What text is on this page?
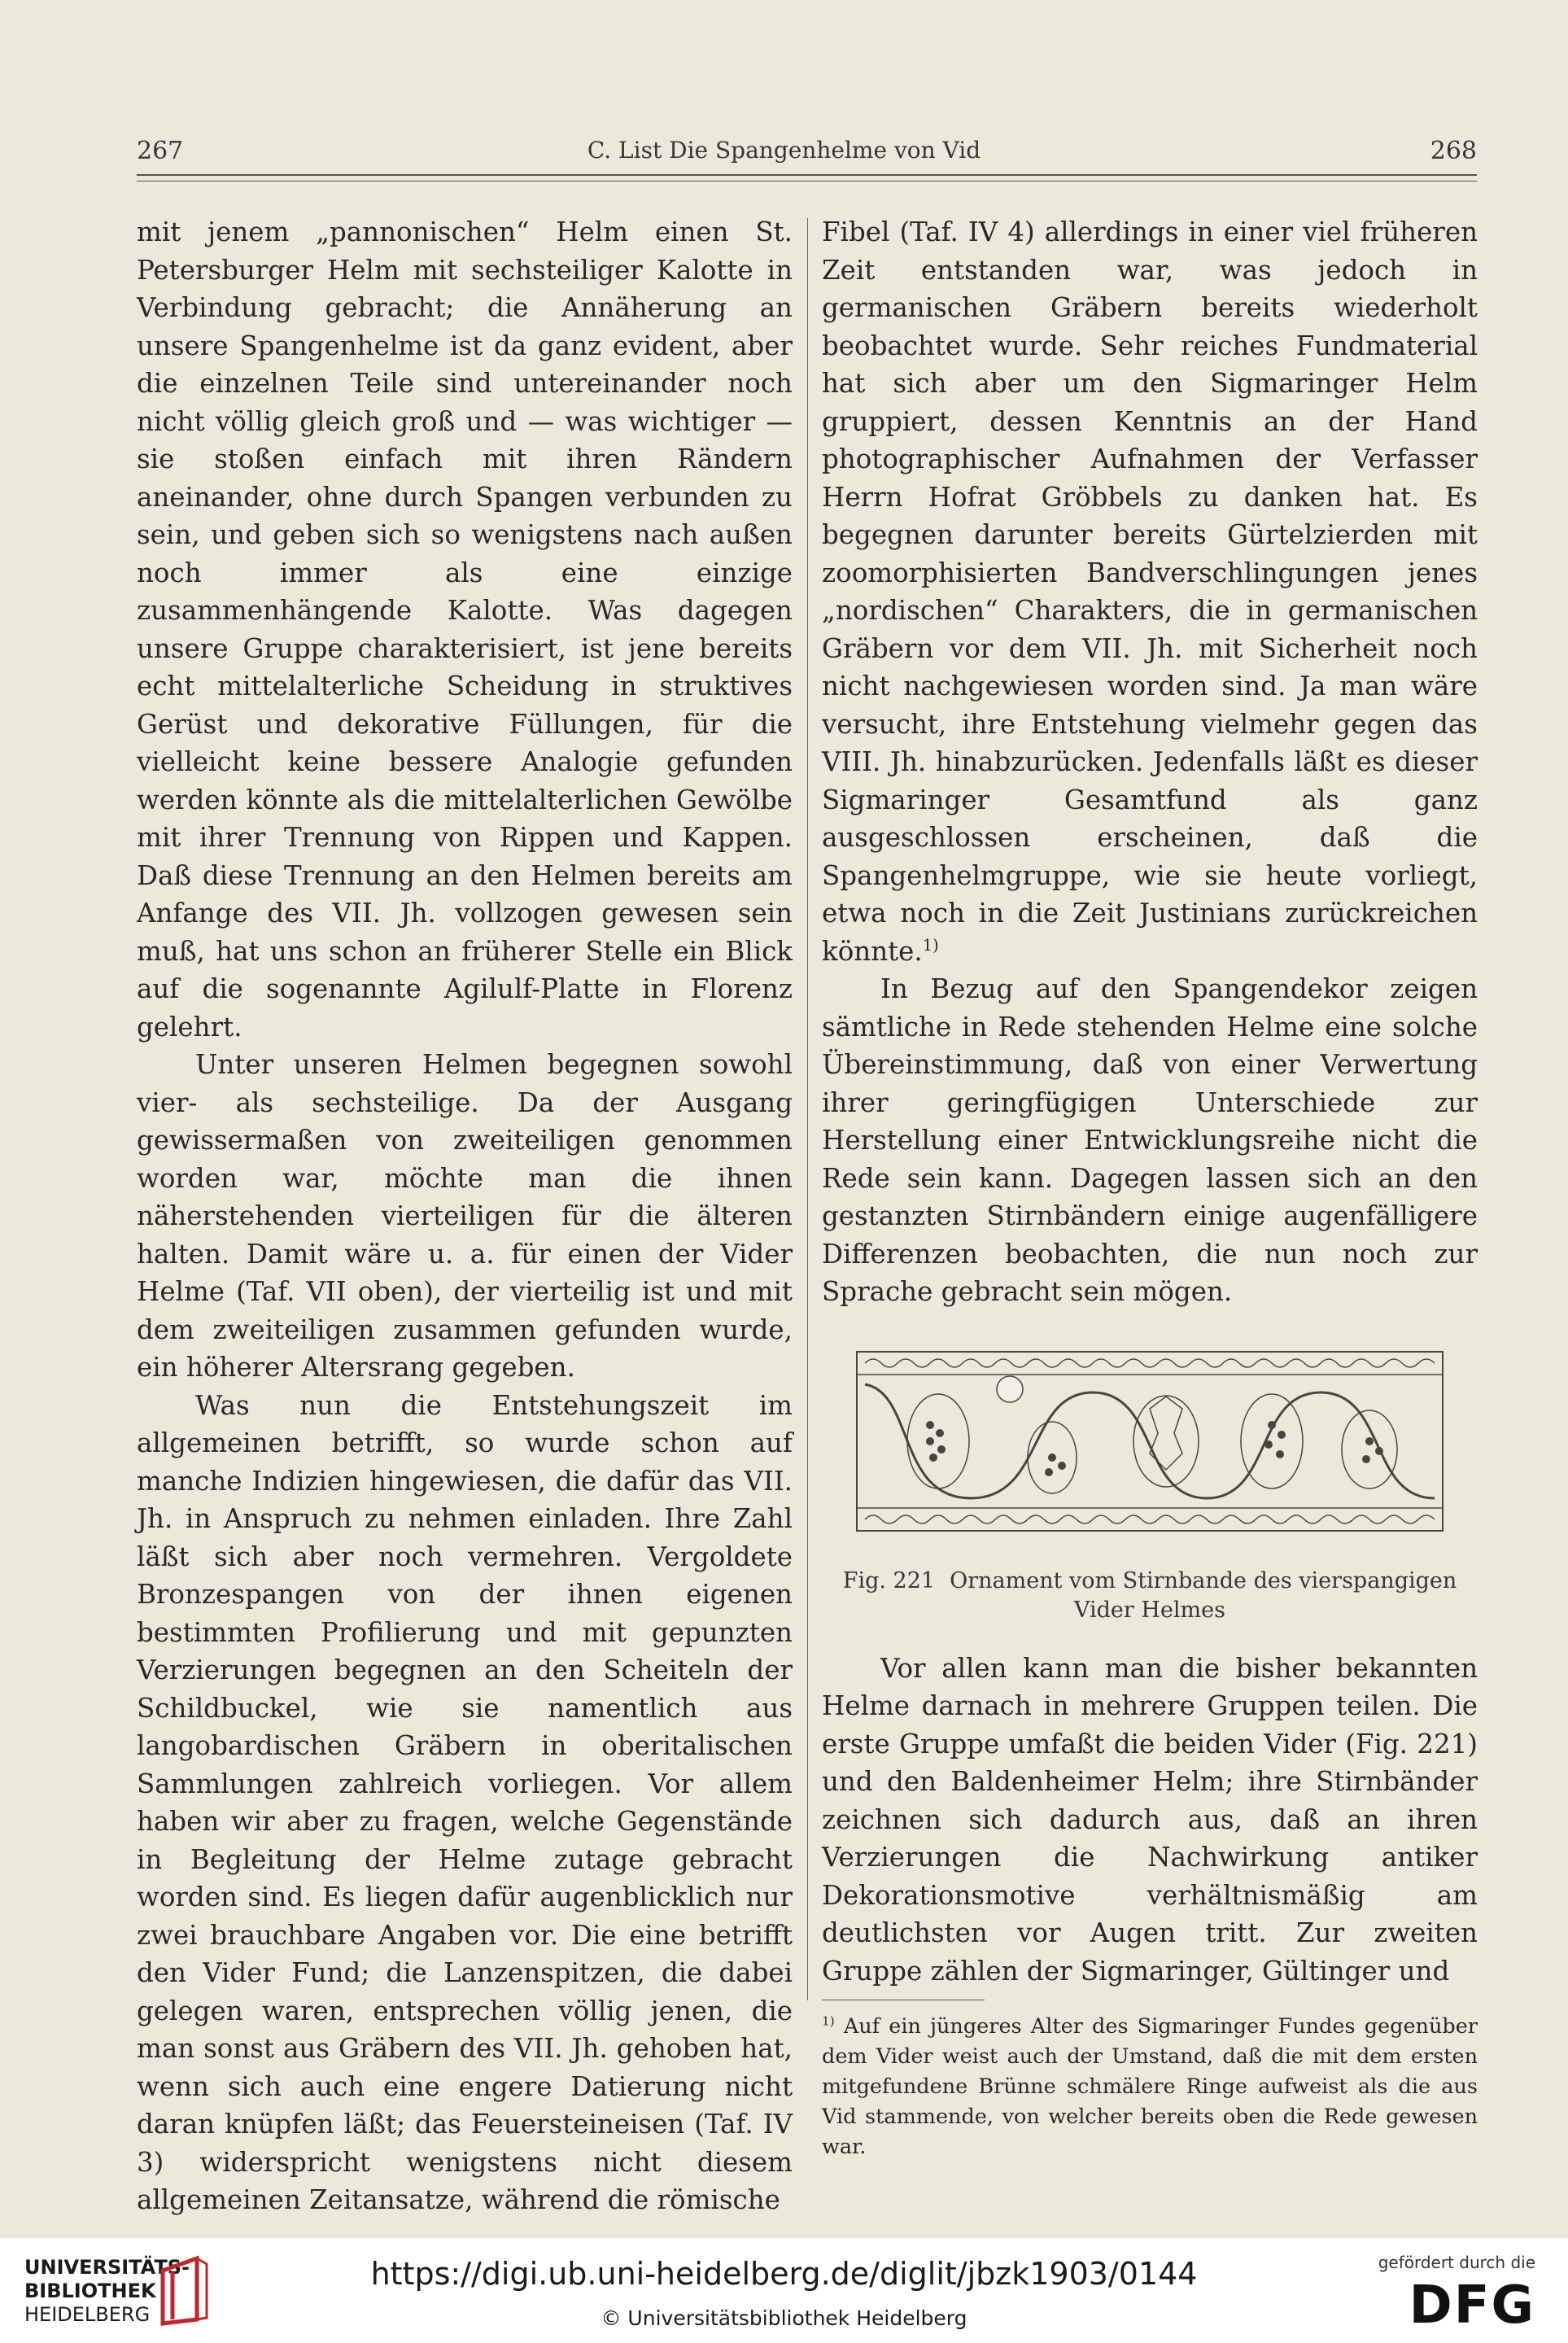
267	C. List Die Spangenhelme von Vid	268

mit jenem „pannonischen“ Helm einen St. Petersburger Helm mit sechsteiliger Kalotte in Verbindung gebracht; die Annäherung an unsere Spangenhelme ist da ganz evident, aber die einzelnen Teile sind untereinander noch nicht völlig gleich groß und — was wichtiger — sie stoßen einfach mit ihren Rändern aneinander, ohne durch Spangen verbunden zu sein, und geben sich so wenigstens nach außen noch immer als eine einzige zusammenhängende Kalotte. Was dagegen unsere Gruppe charakterisiert, ist jene bereits echt mittelalterliche Scheidung in struktives Gerüst und dekorative Füllungen, für die vielleicht keine bessere Analogie gefunden werden könnte als die mittelalterlichen Gewölbe mit ihrer Trennung von Rippen und Kappen. Daß diese Trennung an den Helmen bereits am Anfange des VII. Jh. vollzogen gewesen sein muß, hat uns schon an früherer Stelle ein Blick auf die sogenannte Agilulf-Platte in Florenz gelehrt.

Unter unseren Helmen begegnen sowohl vier- als sechsteilige. Da der Ausgang gewissermaßen von zweiteiligen genommen worden war, möchte man die ihnen näherstehenden vierteiligen für die älteren halten. Damit wäre u. a. für einen der Vider Helme (Taf. VII oben), der vierteilig ist und mit dem zweiteiligen zusammen gefunden wurde, ein höherer Altersrang gegeben.

Was nun die Entstehungszeit im allgemeinen betrifft, so wurde schon auf manche Indizien hingewiesen, die dafür das VII. Jh. in Anspruch zu nehmen einladen. Ihre Zahl läßt sich aber noch vermehren. Vergoldete Bronzespangen von der ihnen eigenen bestimmten Profilierung und mit gepunzten Verzierungen begegnen an den Scheiteln der Schildbuckel, wie sie namentlich aus langobardischen Gräbern in oberitalischen Sammlungen zahlreich vorliegen. Vor allem haben wir aber zu fragen, welche Gegenstände in Begleitung der Helme zutage gebracht worden sind. Es liegen dafür augenblicklich nur zwei brauchbare Angaben vor. Die eine betrifft den Vider Fund; die Lanzenspitzen, die dabei gelegen waren, entsprechen völlig jenen, die man sonst aus Gräbern des VII. Jh. gehoben hat, wenn sich auch eine engere Datierung nicht daran knüpfen läßt; das Feuersteineisen (Taf. IV 3) widerspricht wenigstens nicht diesem allgemeinen Zeitansatze, während die römische

Fibel (Taf. IV 4) allerdings in einer viel früheren Zeit entstanden war, was jedoch in germanischen Gräbern bereits wiederholt beobachtet wurde. Sehr reiches Fundmaterial hat sich aber um den Sigmaringer Helm gruppiert, dessen Kenntnis an der Hand photographischer Aufnahmen der Verfasser Herrn Hofrat Gröbbels zu danken hat. Es begegnen darunter bereits Gürtelzierden mit zoomorphisierten Bandverschlingungen jenes „nordischen“ Charakters, die in germanischen Gräbern vor dem VII. Jh. mit Sicherheit noch nicht nachgewiesen worden sind. Ja man wäre versucht, ihre Entstehung vielmehr gegen das VIII. Jh. hinabzurücken. Jedenfalls läßt es dieser Sigmaringer Gesamtfund als ganz ausgeschlossen erscheinen, daß die Spangenhelmgruppe, wie sie heute vorliegt, etwa noch in die Zeit Justinians zurückreichen könnte.$^{1)}$

In Bezug auf den Spangendekor zeigen sämtliche in Rede stehenden Helme eine solche Übereinstimmung, daß von einer Verwertung ihrer geringfügigen Unterschiede zur Herstellung einer Entwicklungsreihe nicht die Rede sein kann. Dagegen lassen sich an den gestanzten Stirnbändern einige augenfälligere Differenzen beobachten, die nun noch zur Sprache gebracht sein mögen.

Fig. 221 Ornament vom Stirnbande des vierspangigen Vider Helmes

Vor allen kann man die bisher bekannten Helme darnach in mehrere Gruppen teilen. Die erste Gruppe umfaßt die beiden Vider (Fig. 221) und den Baldenheimer Helm; ihre Stirnbänder zeichnen sich dadurch aus, daß an ihren Verzierungen die Nachwirkung antiker Dekorationsmotive verhältnismäßig am deutlichsten vor Augen tritt. Zur zweiten Gruppe zählen der Sigmaringer, Gültinger und

$^{1)}$ Auf ein jüngeres Alter des Sigmaringer Fundes gegenüber dem Vider weist auch der Umstand, daß die mit dem ersten mitgefundene Brünne schmälere Ringe aufweist als die aus Vid stammende, von welcher bereits oben die Rede gewesen war.
UNIVERSITÄTS-
BIBLIOTHEK
HEIDELBERG
https://digi.ub.uni-heidelberg.de/diglit/jbzk1903/0144
© Universitätsbibliothek Heidelberg
gefördert durch die
DFG
